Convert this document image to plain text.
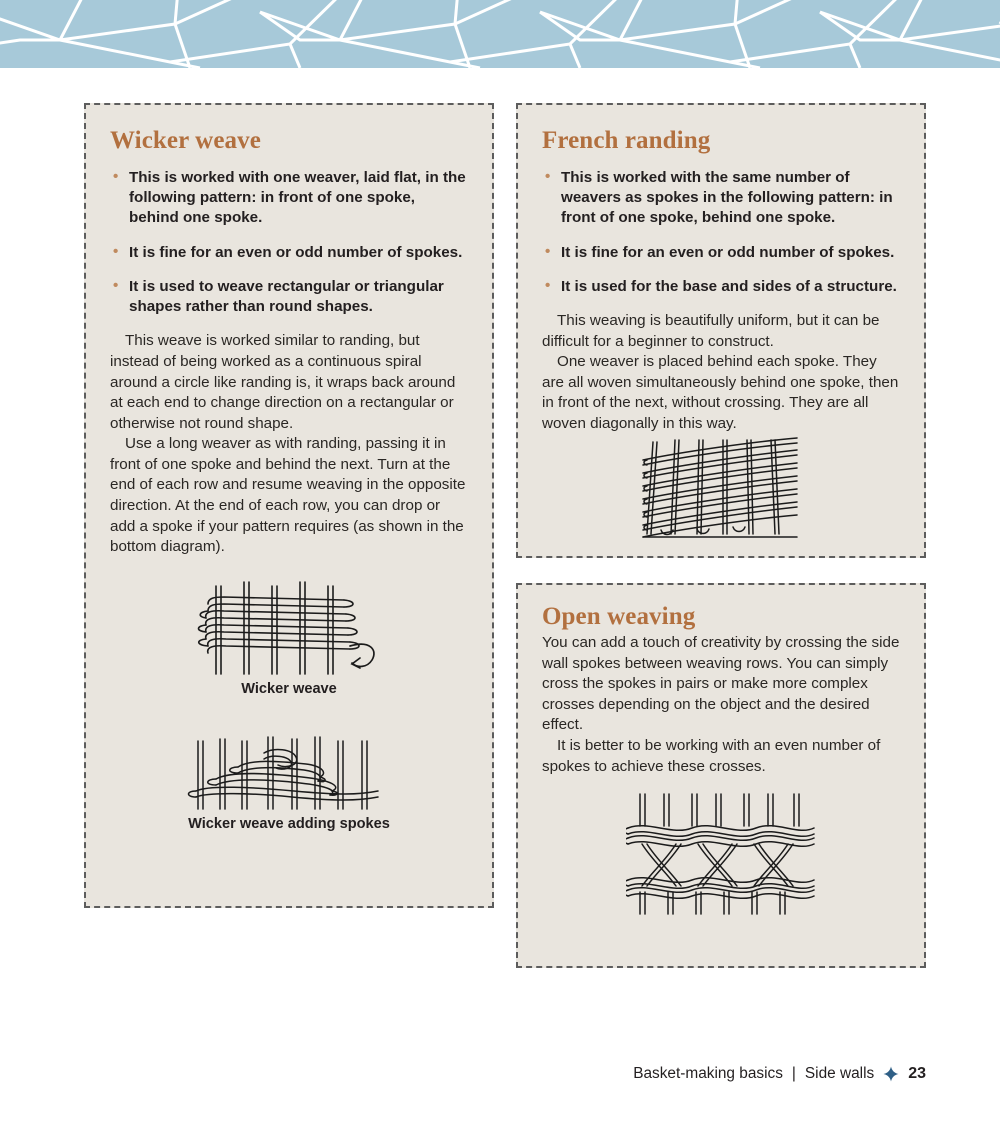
Wicker weave
• This is worked with one weaver, laid flat, in the following pattern: in front of one spoke, behind one spoke.
• It is fine for an even or odd number of spokes.
• It is used to weave rectangular or triangular shapes rather than round shapes.

This weave is worked similar to randing, but instead of being worked as a continuous spiral around a circle like randing is, it wraps back around at each end to change direction on a rectangular or otherwise not round shape.

Use a long weaver as with randing, passing it in front of one spoke and behind the next. Turn at the end of each row and resume weaving in the opposite direction. At the end of each row, you can drop or add a spoke if your pattern requires (as shown in the bottom diagram).

Wicker weave
Wicker weave adding spokes
French randing
• This is worked with the same number of weavers as spokes in the following pattern: in front of one spoke, behind one spoke.
• It is fine for an even or odd number of spokes.
• It is used for the base and sides of a structure.

This weaving is beautifully uniform, but it can be difficult for a beginner to construct.

One weaver is placed behind each spoke. They are all woven simultaneously behind one spoke, then in front of the next, without crossing. They are all woven diagonally in this way.

Open weaving

You can add a touch of creativity by crossing the side wall spokes between weaving rows. You can simply cross the spokes in pairs or make more complex crosses depending on the object and the desired effect.

It is better to be working with an even number of spokes to achieve these crosses.

Basket-making basics | Side walls 23
